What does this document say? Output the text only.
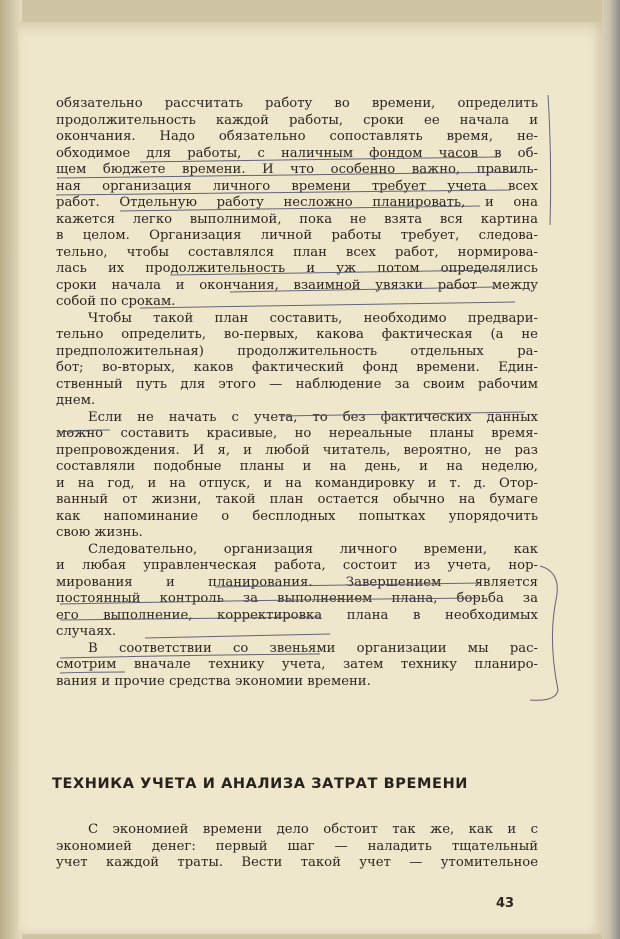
обязательно рассчитать работу во времени, определить
продолжительность каждой работы, сроки ее начала и
окончания. Надо обязательно сопоставлять время, не-
обходимое для работы, с наличным фондом часов в об-
щем бюджете времени. И что особенно важно, правиль-
ная организация личного времени требует учета всех
работ. Отдельную работу несложно планировать, и она
кажется легко выполнимой, пока не взята вся картина
в целом. Организация личной работы требует, следова-
тельно, чтобы составлялся план всех работ, нормирова-
лась их продолжительность и уж потом определялись
сроки начала и окончания, взаимной увязки работ между
собой по срокам.
Чтобы такой план составить, необходимо предвари-
тельно определить, во-первых, какова фактическая (а не
предположительная) продолжительность отдельных ра-
бот; во-вторых, каков фактический фонд времени. Един-
ственный путь для этого — наблюдение за своим рабочим
днем.
Если не начать с учета, то без фактических данных
можно составить красивые, но нереальные планы время-
препровождения. И я, и любой читатель, вероятно, не раз
составляли подобные планы и на день, и на неделю,
и на год, и на отпуск, и на командировку и т. д. Отор-
ванный от жизни, такой план остается обычно на бумаге
как напоминание о бесплодных попытках упорядочить
свою жизнь.
Следовательно, организация личного времени, как
и любая управленческая работа, состоит из учета, нор-
мирования и планирования. Завершением является
постоянный контроль за выполнением плана, борьба за
его выполнение, корректировка плана в необходимых
случаях.
В соответствии со звеньями организации мы рас-
смотрим вначале технику учета, затем технику планиро-
вания и прочие средства экономии времени.
ТЕХНИКА УЧЕТА И АНАЛИЗА ЗАТРАТ ВРЕМЕНИ
С экономией времени дело обстоит так же, как и с
экономией денег: первый шаг — наладить тщательный
учет каждой траты. Вести такой учет — утомительное
43
